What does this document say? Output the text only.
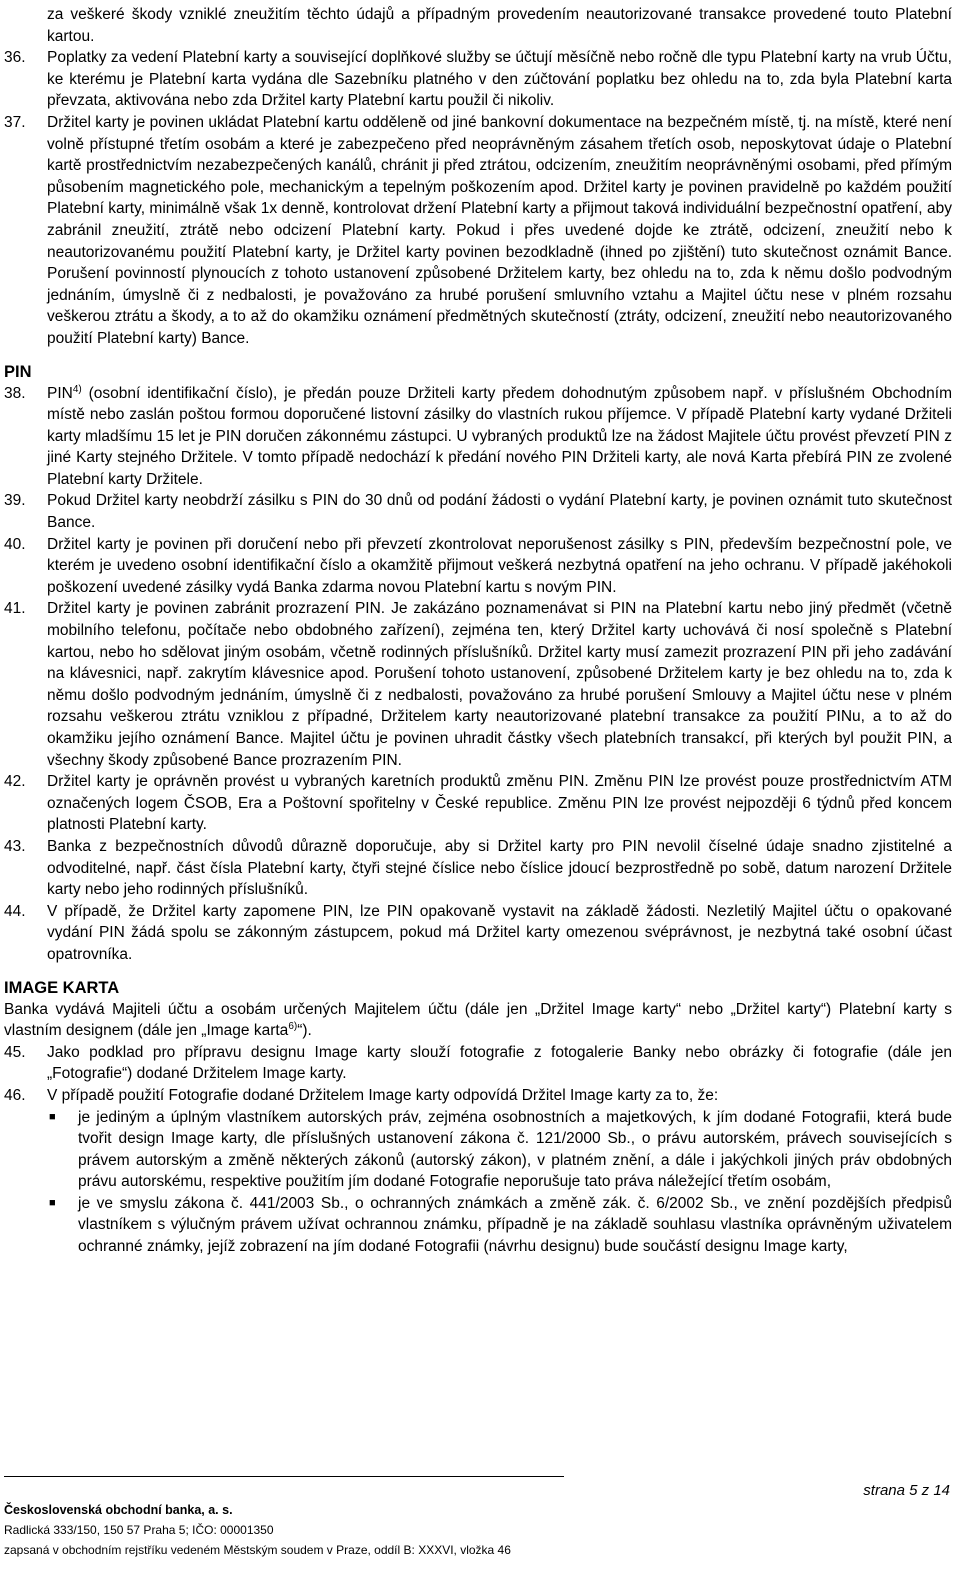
za veškeré škody vzniklé zneužitím těchto údajů a případným provedením neautorizované transakce provedené touto Platební kartou.
36.	Poplatky za vedení Platební karty a související doplňkové služby se účtují měsíčně nebo ročně dle typu Platební karty na vrub Účtu, ke kterému je Platební karta vydána dle Sazebníku platného v den zúčtování poplatku bez ohledu na to, zda byla Platební karta převzata, aktivována nebo zda Držitel karty Platební kartu použil či nikoliv.
37.	Držitel karty je povinen ukládat Platební kartu odděleně od jiné bankovní dokumentace na bezpečném místě, tj. na místě, které není volně přístupné třetím osobám a které je zabezpečeno před neoprávněným zásahem třetích osob, neposkytovat údaje o Platební kartě prostřednictvím nezabezpečených kanálů, chránit ji před ztrátou, odcizením, zneužitím neoprávněnými osobami, před přímým působením magnetického pole, mechanickým a tepelným poškozením apod. Držitel karty je povinen pravidelně po každém použití Platební karty, minimálně však 1x denně, kontrolovat držení Platební karty a přijmout taková individuální bezpečnostní opatření, aby zabránil zneužití, ztrátě nebo odcizení Platební karty. Pokud i přes uvedené dojde ke ztrátě, odcizení, zneužití nebo k neautorizovanému použití Platební karty, je Držitel karty povinen bezodkladně (ihned po zjištění) tuto skutečnost oznámit Bance. Porušení povinností plynoucích z tohoto ustanovení způsobené Držitelem karty, bez ohledu na to, zda k němu došlo podvodným jednáním, úmyslně či z nedbalosti, je považováno za hrubé porušení smluvního vztahu a Majitel účtu nese v plném rozsahu veškerou ztrátu a škody, a to až do okamžiku oznámení předmětných skutečností (ztráty, odcizení, zneužití nebo neautorizovaného použití Platební karty) Bance.
PIN
38.	PIN$^{4)}$ (osobní identifikační číslo), je předán pouze Držiteli karty předem dohodnutým způsobem např. v příslušném Obchodním místě nebo zaslán poštou formou doporučené listovní zásilky do vlastních rukou příjemce. V případě Platební karty vydané Držiteli karty mladšímu 15 let je PIN doručen zákonnému zástupci. U vybraných produktů lze na žádost Majitele účtu provést převzetí PIN z jiné Karty stejného Držitele. V tomto případě nedochází k předání nového PIN Držiteli karty, ale nová Karta přebírá PIN ze zvolené Platební karty Držitele.
39.	Pokud Držitel karty neobdrží zásilku s PIN do 30 dnů od podání žádosti o vydání Platební karty, je povinen oznámit tuto skutečnost Bance.
40.	Držitel karty je povinen při doručení nebo při převzetí zkontrolovat neporušenost zásilky s PIN, především bezpečnostní pole, ve kterém je uvedeno osobní identifikační číslo a okamžitě přijmout veškerá nezbytná opatření na jeho ochranu. V případě jakéhokoli poškození uvedené zásilky vydá Banka zdarma novou Platební kartu s novým PIN.
41.	Držitel karty je povinen zabránit prozrazení PIN. Je zakázáno poznamenávat si PIN na Platební kartu nebo jiný předmět (včetně mobilního telefonu, počítače nebo obdobného zařízení), zejména ten, který Držitel karty uchovává či nosí společně s Platební kartou, nebo ho sdělovat jiným osobám, včetně rodinných příslušníků. Držitel karty musí zamezit prozrazení PIN při jeho zadávání na klávesnici, např. zakrytím klávesnice apod. Porušení tohoto ustanovení, způsobené Držitelem karty je bez ohledu na to, zda k němu došlo podvodným jednáním, úmyslně či z nedbalosti, považováno za hrubé porušení Smlouvy a Majitel účtu nese v plném rozsahu veškerou ztrátu vzniklou z případné, Držitelem karty neautorizované platební transakce za použití PINu, a to až do okamžiku jejího oznámení Bance. Majitel účtu je povinen uhradit částky všech platebních transakcí, při kterých byl použit PIN, a všechny škody způsobené Bance prozrazením PIN.
42.	Držitel karty je oprávněn provést u vybraných karetních produktů změnu PIN. Změnu PIN lze provést pouze prostřednictvím ATM označených logem ČSOB, Era a Poštovní spořitelny v České republice. Změnu PIN lze provést nejpozději 6 týdnů před koncem platnosti Platební karty.
43.	Banka z bezpečnostních důvodů důrazně doporučuje, aby si Držitel karty pro PIN nevolil číselné údaje snadno zjistitelné a odvoditelné, např. část čísla Platební karty, čtyři stejné číslice nebo číslice jdoucí bezprostředně po sobě, datum narození Držitele karty nebo jeho rodinných příslušníků.
44.	V případě, že Držitel karty zapomene PIN, lze PIN opakovaně vystavit na základě žádosti. Nezletilý Majitel účtu o opakované vydání PIN žádá spolu se zákonným zástupcem, pokud má Držitel karty omezenou svéprávnost, je nezbytná také osobní účast opatrovníka.
IMAGE KARTA
Banka vydává Majiteli účtu a osobám určených Majitelem účtu (dále jen „Držitel Image karty“ nebo „Držitel karty“) Platební karty s vlastním designem (dále jen „Image karta$^{6)}$“).
45.	Jako podklad pro přípravu designu Image karty slouží fotografie z fotogalerie Banky nebo obrázky či fotografie (dále jen „Fotografie“) dodané Držitelem Image karty.
46.	V případě použití Fotografie dodané Držitelem Image karty odpovídá Držitel Image karty za to, že:
■	je jediným a úplným vlastníkem autorských práv, zejména osobnostních a majetkových, k jím dodané Fotografii, která bude tvořit design Image karty, dle příslušných ustanovení zákona č. 121/2000 Sb., o právu autorském, právech souvisejících s právem autorským a změně některých zákonů (autorský zákon), v platném znění, a dále i jakýchkoli jiných práv obdobných právu autorskému, respektive použitím jím dodané Fotografie neporušuje tato práva náležející třetím osobám,
■	je ve smyslu zákona č. 441/2003 Sb., o ochranných známkách a změně zák. č. 6/2002 Sb., ve znění pozdějších předpisů vlastníkem s výlučným právem užívat ochrannou známku, případně je na základě souhlasu vlastníka oprávněným uživatelem ochranné známky, jejíž zobrazení na jím dodané Fotografii (návrhu designu) bude součástí designu Image karty,
strana 5 z 14
Československá obchodní banka, a. s.
Radlická 333/150, 150 57 Praha 5; IČO: 00001350
zapsaná v obchodním rejstříku vedeném Městským soudem v Praze, oddíl B: XXXVI, vložka 46
